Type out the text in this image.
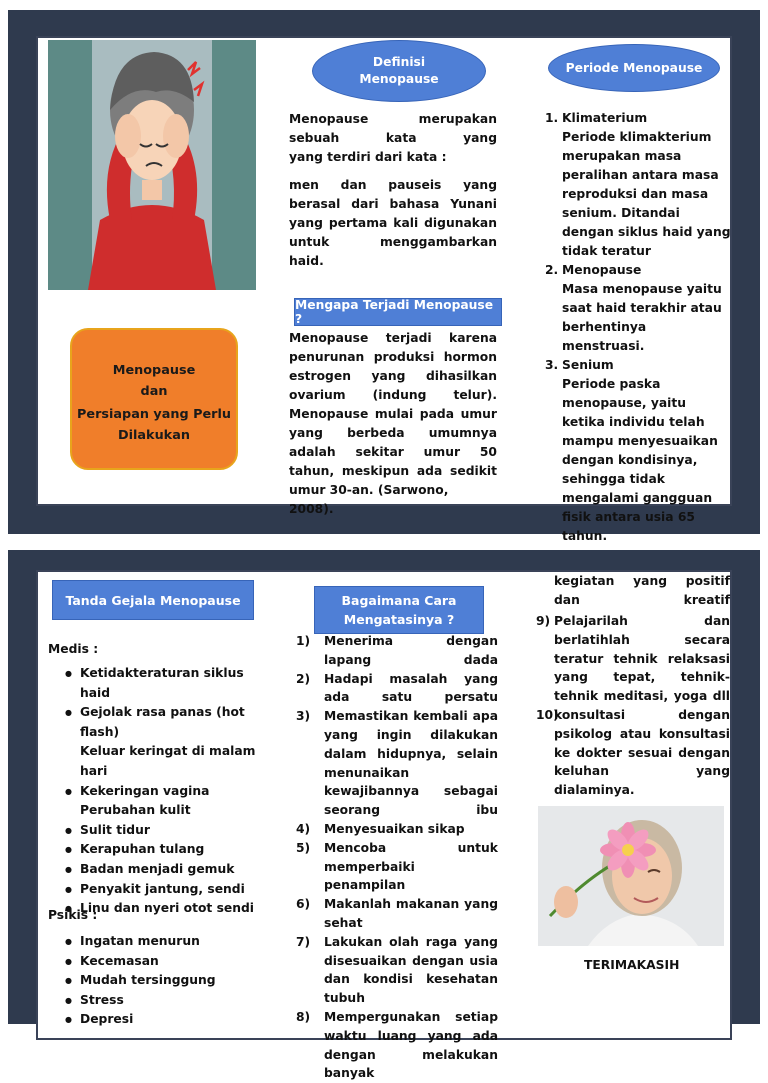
Menopause
dan
Persiapan yang Perlu
Dilakukan
Definisi
Menopause
Menopause merupakan sebuah kata yang
yang terdiri dari kata :
men dan pauseis yang berasal dari bahasa Yunani yang pertama kali digunakan untuk menggambarkan
haid.
Mengapa Terjadi Menopause ?
Menopause terjadi karena penurunan produksi hormon estrogen yang dihasilkan ovarium (indung telur). Menopause mulai pada umur yang berbeda umumnya adalah sekitar umur 50 tahun, meskipun ada sedikit
umur 30-an. (Sarwono, 2008).
Periode Menopause
1. Klimaterium
Periode klimakterium merupakan masa peralihan antara masa reproduksi dan masa senium. Ditandai dengan siklus haid yang tidak teratur
2. Menopause
Masa menopause yaitu saat haid terakhir atau berhentinya menstruasi.
3. Senium
Periode paska menopause, yaitu ketika individu telah mampu menyesuaikan dengan kondisinya, sehingga tidak mengalami gangguan fisik antara usia 65 tahun.
Tanda Gejala Menopause
Medis :
● Ketidakteraturan siklus haid
● Gejolak rasa panas (hot flash)
Keluar keringat di malam hari
● Kekeringan vagina
Perubahan kulit
● Sulit tidur
● Kerapuhan tulang
● Badan menjadi gemuk
● Penyakit jantung, sendi
● Linu dan nyeri otot sendi
Psikis :
● Ingatan menurun
● Kecemasan
● Mudah tersinggung
● Stress
● Depresi
Bagaimana Cara
Mengatasinya ?
1) Menerima dengan lapang dada
2) Hadapi masalah yang ada satu persatu
3) Memastikan kembali apa yang ingin dilakukan dalam hidupnya, selain menunaikan kewajibannya sebagai seorang ibu
4) Menyesuaikan sikap
5) Mencoba untuk memperbaiki penampilan
6) Makanlah makanan yang sehat
7) Lakukan olah raga yang disesuaikan dengan usia dan kondisi kesehatan tubuh
8) Mempergunakan setiap waktu luang yang ada dengan melakukan banyak
kegiatan yang positif dan kreatif
9) Pelajarilah dan berlatihlah secara teratur tehnik relaksasi yang tepat, tehnik-tehnik meditasi, yoga dll
10)
konsultasi dengan psikolog atau konsultasi ke dokter sesuai dengan keluhan yang dialaminya.
TERIMAKASIH
